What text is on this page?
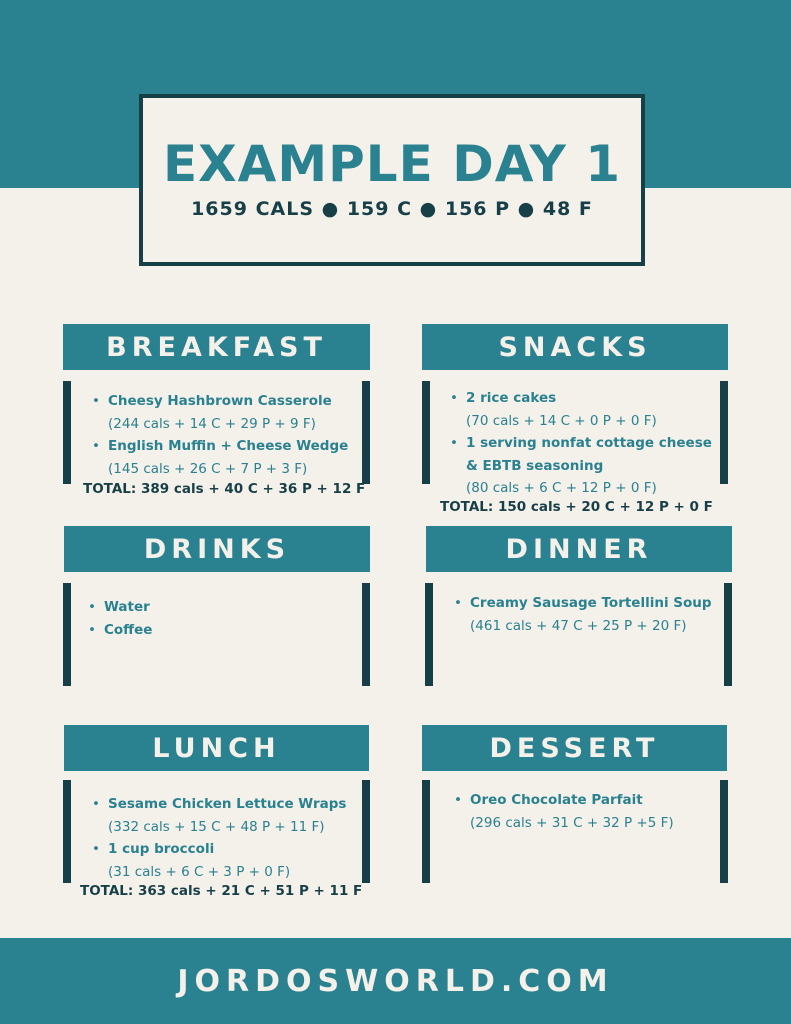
EXAMPLE DAY 1
1659 CALS ● 159 C ● 156 P ● 48 F
BREAKFAST
• Cheesy Hashbrown Casserole
(244 cals + 14 C + 29 P + 9 F)
• English Muffin + Cheese Wedge
(145 cals + 26 C + 7 P + 3 F)
TOTAL: 389 cals + 40 C + 36 P + 12 F
SNACKS
• 2 rice cakes
(70 cals + 14 C + 0 P + 0 F)
• 1 serving nonfat cottage cheese & EBTB seasoning
(80 cals + 6 C + 12 P + 0 F)
TOTAL: 150 cals + 20 C + 12 P + 0 F
DRINKS
• Water
• Coffee
DINNER
• Creamy Sausage Tortellini Soup
(461 cals + 47 C + 25 P + 20 F)
LUNCH
• Sesame Chicken Lettuce Wraps
(332 cals + 15 C + 48 P + 11 F)
• 1 cup broccoli
(31 cals + 6 C + 3 P + 0 F)
TOTAL: 363 cals + 21 C + 51 P + 11 F
DESSERT
• Oreo Chocolate Parfait
(296 cals + 31 C + 32 P +5 F)
JORDOSWORLD.COM
